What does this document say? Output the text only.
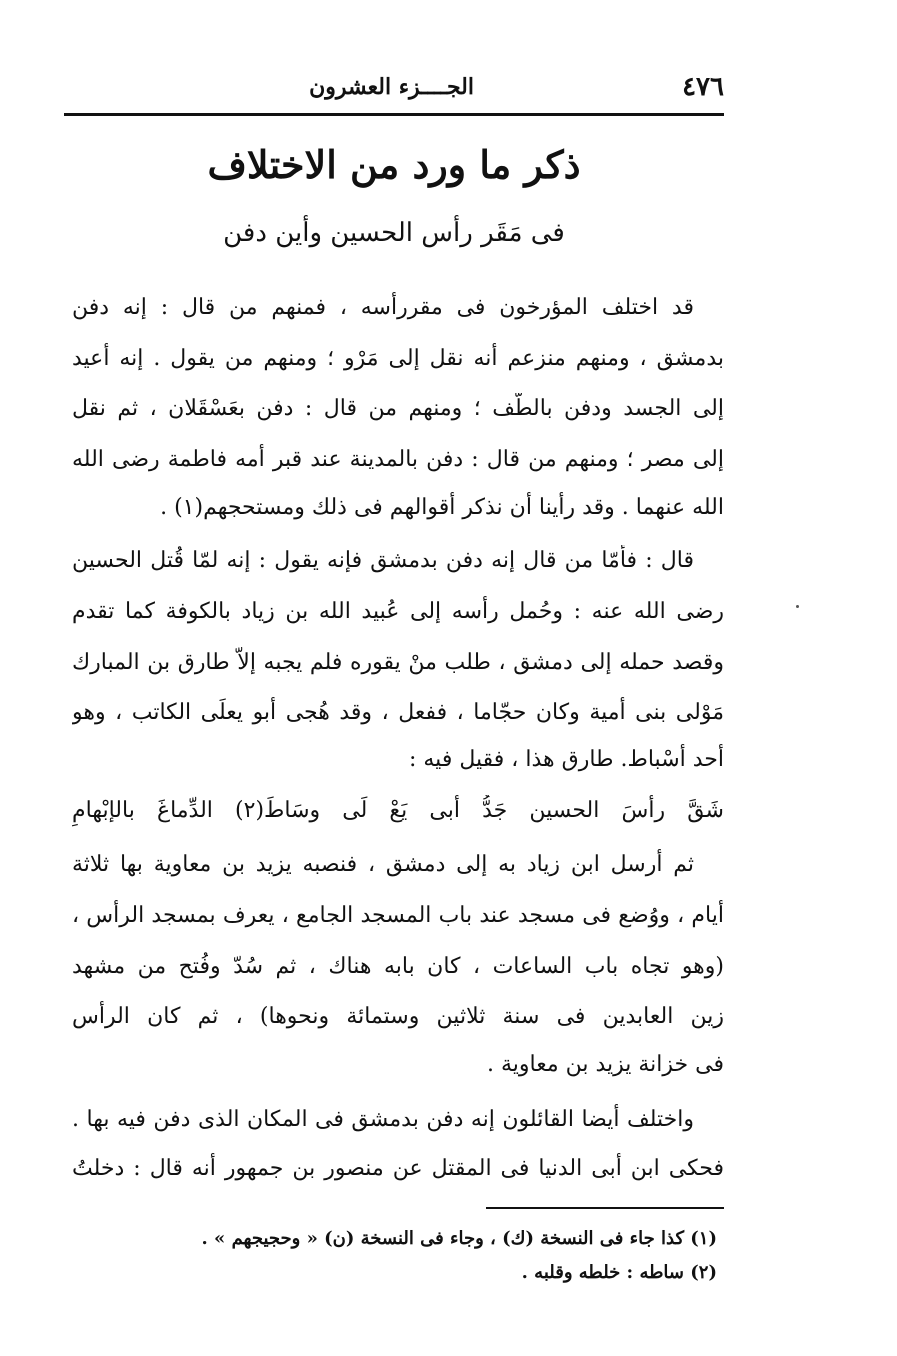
٤٧٦
الجــــزء العشرون
ذكر ما ورد من الاختلاف
فى مَقَر رأس الحسين وأين دفن
قد اختلف المؤرخون فى مقررأسه ، فمنهم من قال : إنه دفن
بدمشق ، ومنهم منزعم أنه نقل إلى مَرْو ؛ ومنهم من يقول . إنه أعيد
إلى الجسد ودفن بالطّف ؛ ومنهم من قال : دفن بعَسْقَلان ، ثم نقل
إلى مصر ؛ ومنهم من قال : دفن بالمدينة عند قبر أمه فاطمة رضى الله
الله عنهما . وقد رأينا أن نذكر أقوالهم فى ذلك ومستحجهم(١) .
قال : فأمّا من قال إنه دفن بدمشق فإنه يقول : إنه لمّا قُتل الحسين
رضى الله عنه : وحُمل رأسه إلى عُبيد الله بن زياد بالكوفة كما تقدم
وقصد حمله إلى دمشق ، طلب منْ يقوره فلم يجبه إلاّ طارق بن المبارك
مَوْلى بنى أمية وكان حجّاما ، ففعل ، وقد هُجى أبو يعلَى الكاتب ، وهو
أحد أسْباط. طارق هذا ، فقيل فيه :
شَقَّ رأسَ الحسين جَدُّ أبى يَعْ لَى وسَاطَ(٢) الدِّماغَ بالإبْهامِ
ثم أرسل ابن زياد به إلى دمشق ، فنصبه يزيد بن معاوية بها ثلاثة
أيام ، ووُضع فى مسجد عند باب المسجد الجامع ، يعرف بمسجد الرأس ،
(وهو تجاه باب الساعات ، كان بابه هناك ، ثم سُدّ وفُتح من مشهد
زين العابدين فى سنة ثلاثين وستمائة ونحوها) ، ثم كان الرأس
فى خزانة يزيد بن معاوية .
واختلف أيضا القائلون إنه دفن بدمشق فى المكان الذى دفن فيه بها .
فحكى ابن أبى الدنيا فى المقتل عن منصور بن جمهور أنه قال : دخلتُ
(١) كذا جاء فى النسخة (ك) ، وجاء فى النسخة (ن) « وحجيجهم » .
(٢) ساطه : خلطه وقلبه .
